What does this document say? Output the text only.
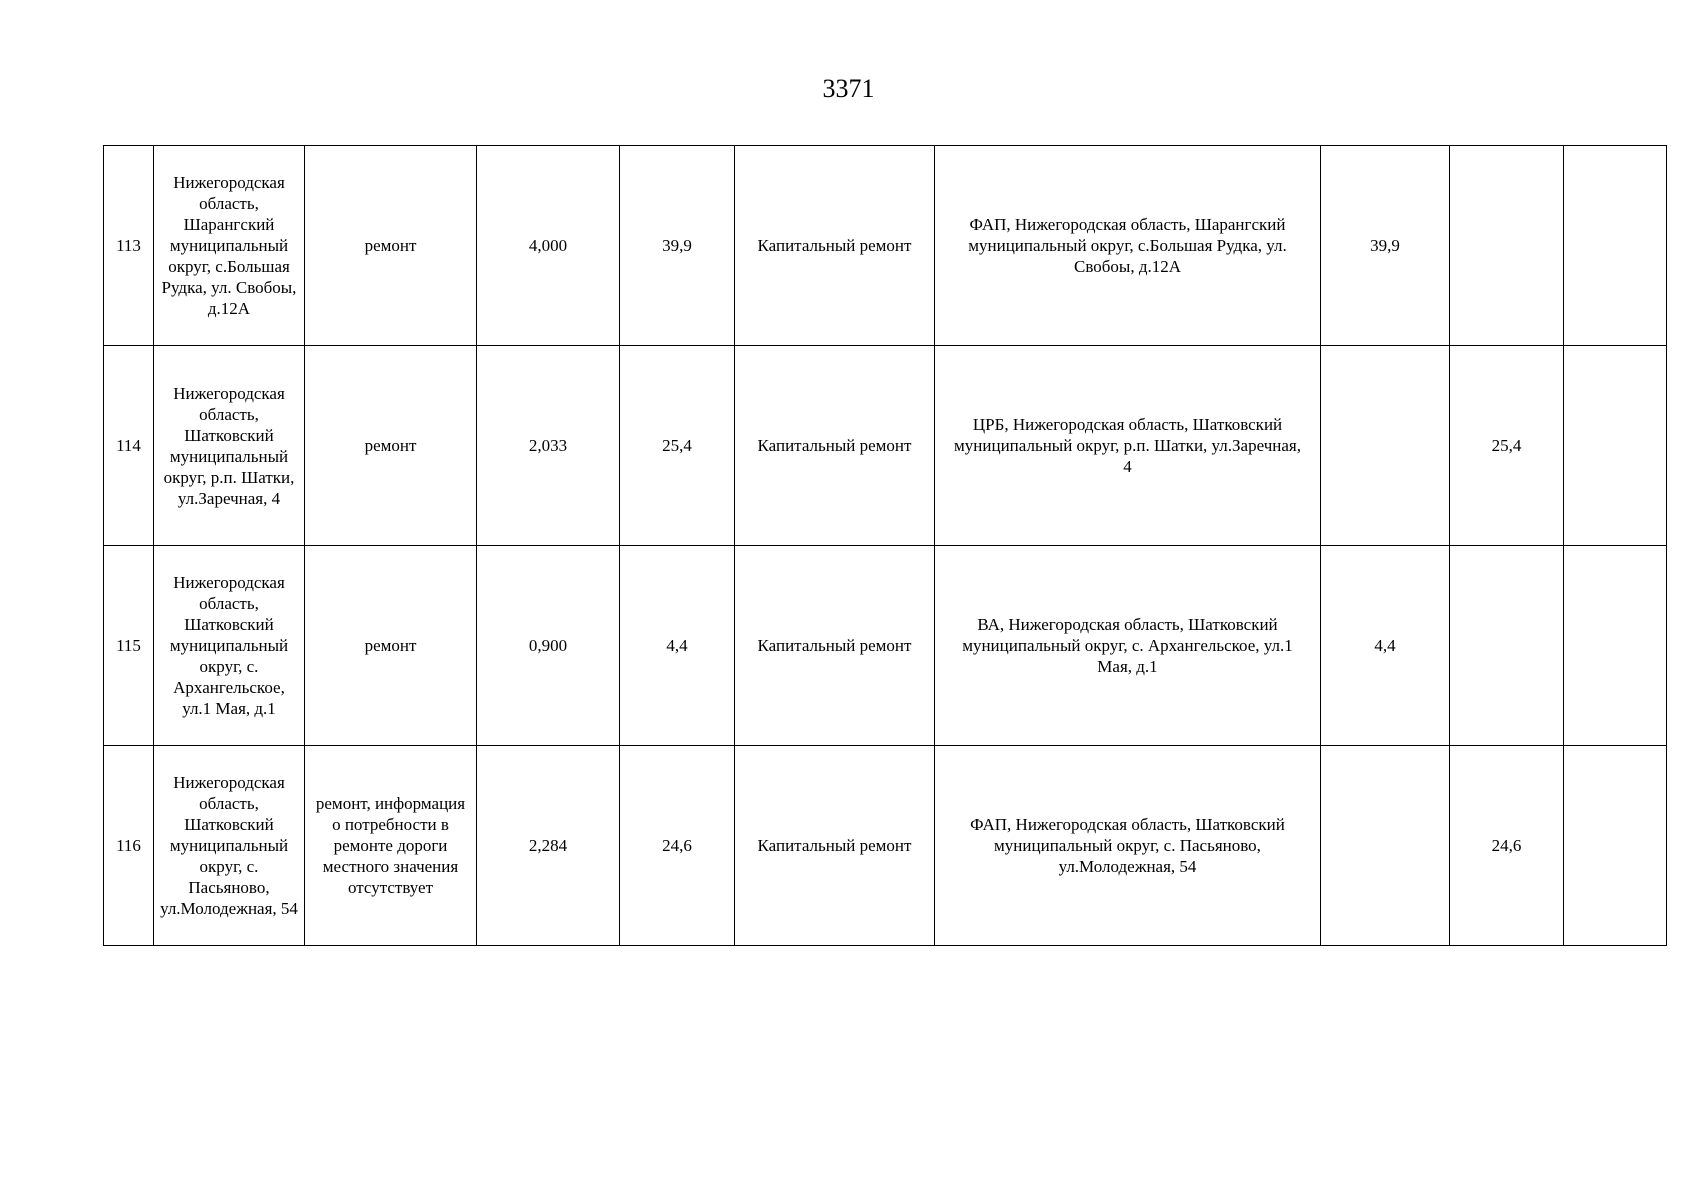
3371
113	Нижегородская область, Шарангский муниципальный округ, с.Большая Рудка, ул. Свобоы, д.12А	ремонт	4,000	39,9	Капитальный ремонт	ФАП, Нижегородская область, Шарангский муниципальный округ, с.Большая Рудка, ул. Свобоы, д.12А	39,9		
114	Нижегородская область, Шатковский муниципальный округ, р.п. Шатки, ул.Заречная, 4	ремонт	2,033	25,4	Капитальный ремонт	ЦРБ, Нижегородская область, Шатковский муниципальный округ, р.п. Шатки, ул.Заречная, 4		25,4	
115	Нижегородская область, Шатковский муниципальный округ, с. Архангельское, ул.1 Мая, д.1	ремонт	0,900	4,4	Капитальный ремонт	ВА, Нижегородская область, Шатковский муниципальный округ, с. Архангельское, ул.1 Мая, д.1	4,4		
116	Нижегородская область, Шатковский муниципальный округ, с. Пасьяново, ул.Молодежная, 54	ремонт, информация о потребности в ремонте дороги местного значения отсутствует	2,284	24,6	Капитальный ремонт	ФАП, Нижегородская область, Шатковский муниципальный округ, с. Пасьяново, ул.Молодежная, 54		24,6	
